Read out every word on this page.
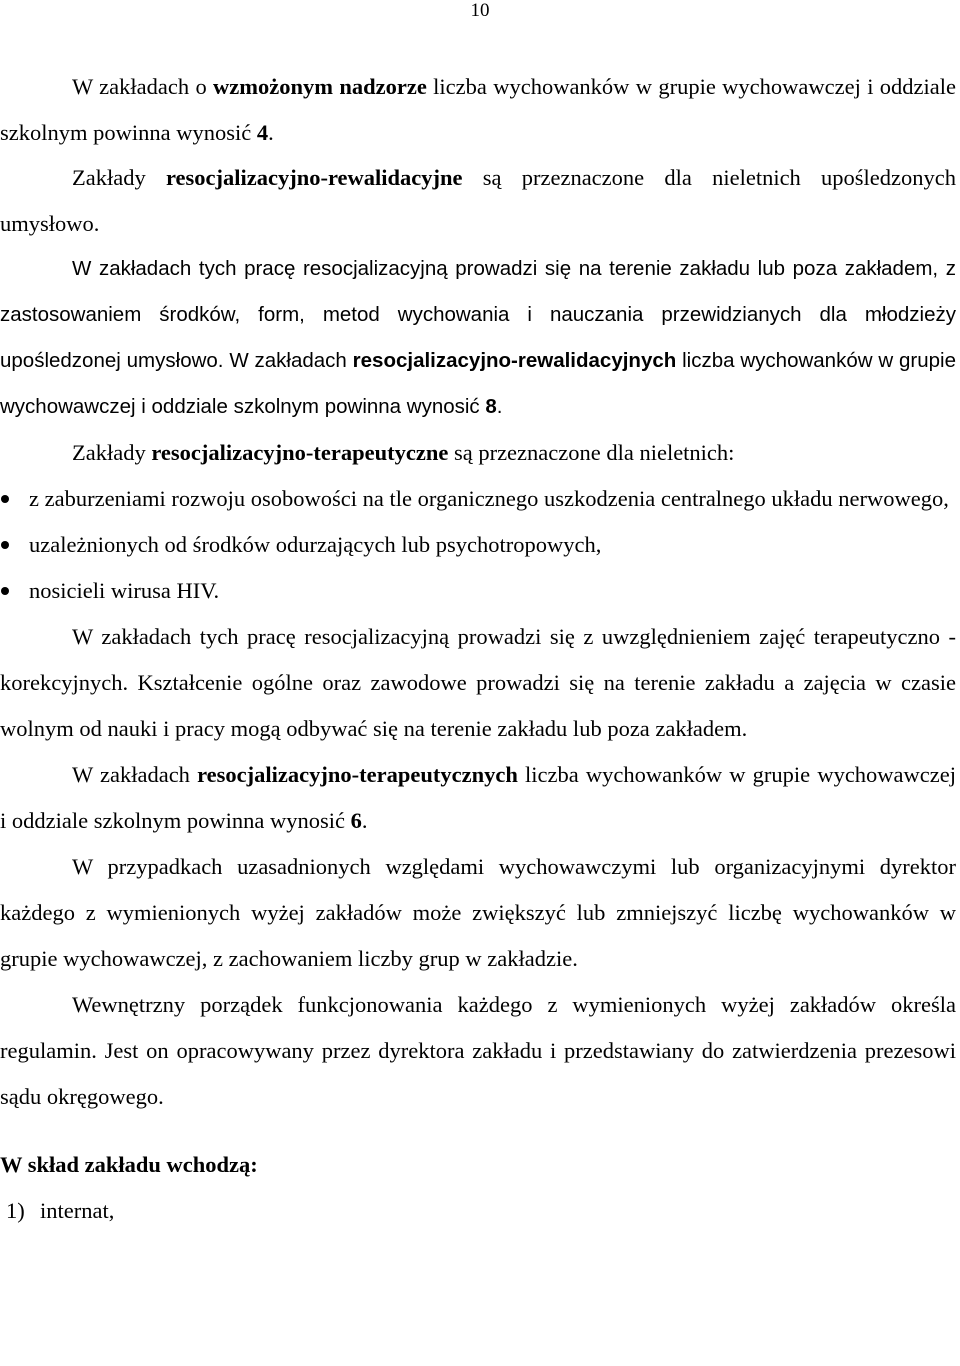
10

W zakładach o wzmożonym nadzorze liczba wychowanków w grupie wychowawczej i oddziale szkolnym powinna wynosić 4.

Zakłady resocjalizacyjno-rewalidacyjne są przeznaczone dla nieletnich upośledzonych umysłowo.

W zakładach tych pracę resocjalizacyjną prowadzi się na terenie zakładu lub poza zakładem, z zastosowaniem środków, form, metod wychowania i nauczania przewidzianych dla młodzieży upośledzonej umysłowo. W zakładach resocjalizacyjno-rewalidacyjnych liczba wychowanków w grupie wychowawczej i oddziale szkolnym powinna wynosić 8.

Zakłady resocjalizacyjno-terapeutyczne są przeznaczone dla nieletnich:

z zaburzeniami rozwoju osobowości na tle organicznego uszkodzenia centralnego układu nerwowego,
uzależnionych od środków odurzających lub psychotropowych,
nosicieli wirusa HIV.

W zakładach tych pracę resocjalizacyjną prowadzi się z uwzględnieniem zajęć terapeutyczno - korekcyjnych. Kształcenie ogólne oraz zawodowe prowadzi się na terenie zakładu a zajęcia w czasie wolnym od nauki i pracy mogą odbywać się na terenie zakładu lub poza zakładem.

W zakładach resocjalizacyjno-terapeutycznych liczba wychowanków w grupie wychowawczej i oddziale szkolnym powinna wynosić 6.

W przypadkach uzasadnionych względami wychowawczymi lub organizacyjnymi dyrektor każdego z wymienionych wyżej zakładów może zwiększyć lub zmniejszyć liczbę wychowanków w grupie wychowawczej, z zachowaniem liczby grup w zakładzie.

Wewnętrzny porządek funkcjonowania każdego z wymienionych wyżej zakładów określa regulamin. Jest on opracowywany przez dyrektora zakładu i przedstawiany do zatwierdzenia prezesowi sądu okręgowego.

W skład zakładu wchodzą:

1) internat,
